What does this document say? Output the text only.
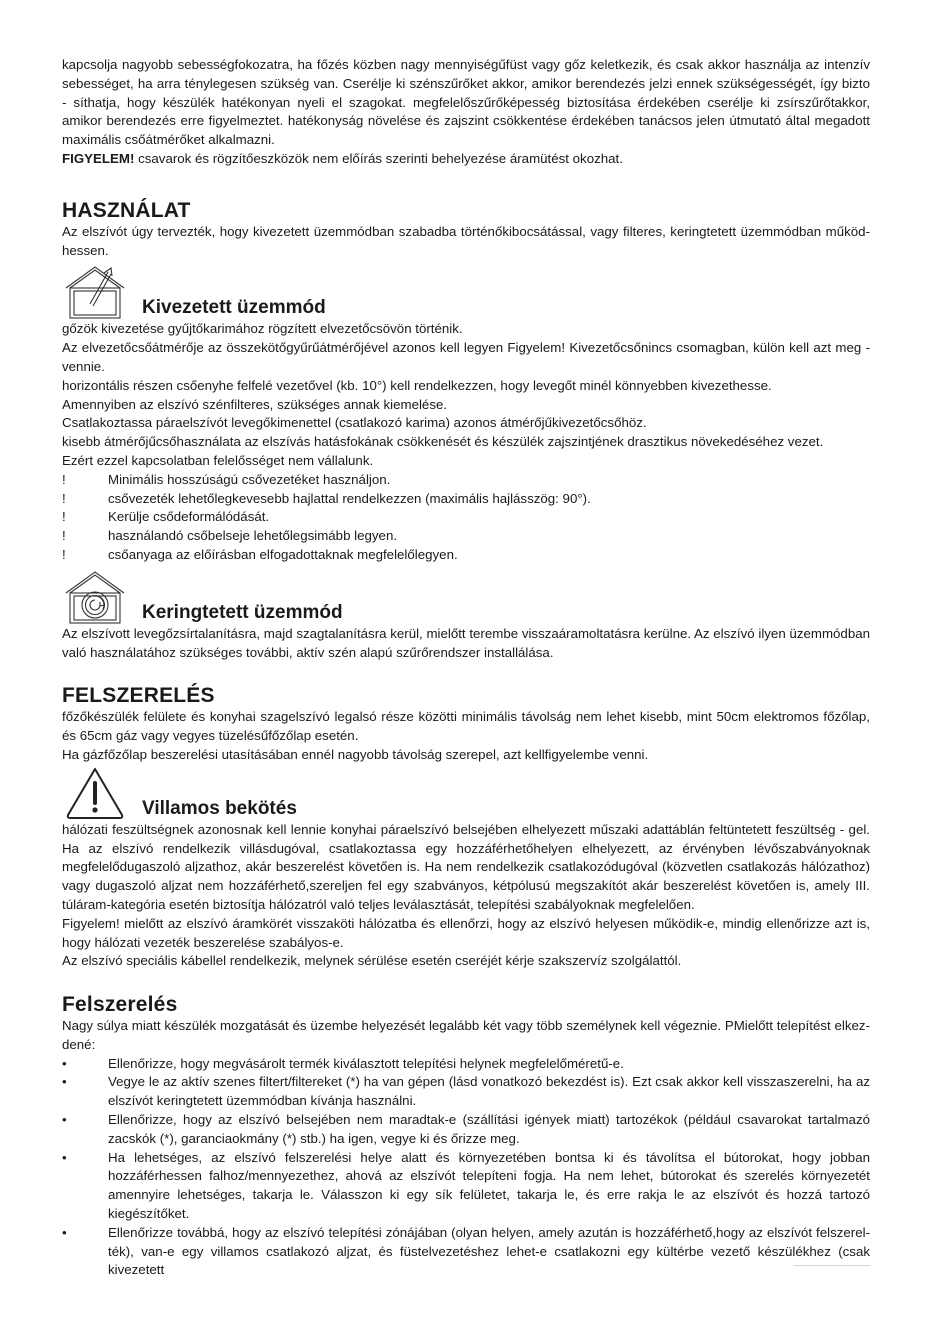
kapcsolja nagyobb sebességfokozatra, ha főzés közben nagy mennyiségűfüst vagy gőz keletkezik, és csak akkor használja az intenzív sebességet, ha arra ténylegesen szükség van. Cserélje ki szénszűrőket akkor, amikor berendezés jelzi ennek szükségességét, így bizto - síthatja, hogy készülék hatékonyan nyeli el szagokat. megfelelőszűrőképesség biztosítása érdekében cserélje ki zsírszűrőtakkor, amikor berendezés erre figyelmeztet. hatékonyság növelése és zajszint csökkentése érdekében tanácsos jelen útmutató által megadott maximális csőátmérőket alkalmazni.

FIGYELEM! csavarok és rögzítőeszközök nem előírás szerinti behelyezése áramütést okozhat.

HASZNÁLAT

Az elszívót úgy tervezték, hogy kivezetett üzemmódban szabadba történőkibocsátással, vagy filteres, keringtetett üzemmódban működ- hessen.

Kivezetett üzemmód

gőzök kivezetése gyűjtőkarimához rögzített elvezetőcsövön történik.

Az elvezetőcsőátmérője az összekötőgyűrűátmérőjével azonos kell legyen Figyelem! Kivezetőcsőnincs csomagban, külön kell azt meg - vennie.

horizontális részen csőenyhe felfelé vezetővel (kb. 10°) kell rendelkezzen, hogy levegőt minél könnyebben kivezethesse.

Amennyiben az elszívó szénfilteres, szükséges annak kiemelése.

Csatlakoztassa páraelszívót levegőkimenettel (csatlakozó karima) azonos átmérőjűkivezetőcsőhöz.

kisebb átmérőjűcsőhasználata az elszívás hatásfokának csökkenését és készülék zajszintjének drasztikus növekedéséhez vezet.

Ezért ezzel kapcsolatban felelősséget nem vállalunk.

!	Minimális hosszúságú csővezetéket használjon.
!	csővezeték lehetőlegkevesebb hajlattal rendelkezzen (maximális hajlásszög: 90°).
!	Kerülje csődeformálódását.
!	használandó csőbelseje lehetőlegsimább legyen.
!	csőanyaga az előírásban elfogadottaknak megfelelőlegyen.
Keringtetett üzemmód

Az elszívott levegőzsírtalanításra, majd szagtalanításra kerül, mielőtt terembe visszaáramoltatásra kerülne. Az elszívó ilyen üzemmódban való használatához szükséges további, aktív szén alapú szűrőrendszer installálása.

FELSZERELÉS

főzőkészülék felülete és konyhai szagelszívó legalsó része közötti minimális távolság nem lehet kisebb, mint 50cm elektromos főzőlap, és 65cm gáz vagy vegyes tüzelésűfőzőlap esetén.

Ha gázfőzőlap beszerelési utasításában ennél nagyobb távolság szerepel, azt kellfigyelembe venni.

Villamos bekötés

hálózati feszültségnek azonosnak kell lennie konyhai páraelszívó belsejében elhelyezett műszaki adattáblán feltüntetett feszültség - gel. Ha az elszívó rendelkezik villásdugóval, csatlakoztassa egy hozzáférhetőhelyen elhelyezett, az érvényben lévőszabványoknak megfelelődugaszoló aljzathoz, akár beszerelést követően is. Ha nem rendelkezik csatlakozódugóval (közvetlen csatlakozás hálózathoz) vagy dugaszoló aljzat nem hozzáférhető,szereljen fel egy szabványos, kétpólusú megszakítót akár beszerelést követően is, amely III. túláram-kategória esetén biztosítja hálózatról való teljes leválasztását, telepítési szabályoknak megfelelően.

Figyelem! mielőtt az elszívó áramkörét visszaköti hálózatba és ellenőrzi, hogy az elszívó helyesen működik-e, mindig ellenőrizze azt is, hogy hálózati vezeték beszerelése szabályos-e.

Az elszívó speciális kábellel rendelkezik, melynek sérülése esetén cseréjét kérje szakszervíz szolgálattól.

Felszerelés

Nagy súlya miatt készülék mozgatását és üzembe helyezését legalább két vagy több személynek kell végeznie. PMielőtt telepítést elkez- dené:

•	Ellenőrizze, hogy megvásárolt termék kiválasztott telepítési helynek megfelelőméretű-e.
•	Vegye le az aktív szenes filtert/filtereket (*) ha van gépen (lásd vonatkozó bekezdést is). Ezt csak akkor kell visszaszerelni, ha az elszívót keringtetett üzemmódban kívánja használni.
•	Ellenőrizze, hogy az elszívó belsejében nem maradtak-e (szállítási igények miatt) tartozékok (például csavarokat tartalmazó zacskók (*), garanciaokmány (*) stb.) ha igen, vegye ki és őrizze meg.
•	Ha lehetséges, az elszívó felszerelési helye alatt és környezetében bontsa ki és távolítsa el bútorokat, hogy jobban hozzáférhessen falhoz/mennyezethez, ahová az elszívót telepíteni fogja. Ha nem lehet, bútorokat és szerelés környezetét amennyire lehetséges, takarja le. Válasszon ki egy sík felületet, takarja le, és erre rakja le az elszívót és hozzá tartozó kiegészítőket.
•	Ellenőrizze továbbá, hogy az elszívó telepítési zónájában (olyan helyen, amely azután is hozzáférhető,hogy az elszívót felszerel- ték), van-e egy villamos csatlakozó aljzat, és füstelvezetéshez lehet-e csatlakozni egy kültérbe vezető készülékhez (csak kivezetett
